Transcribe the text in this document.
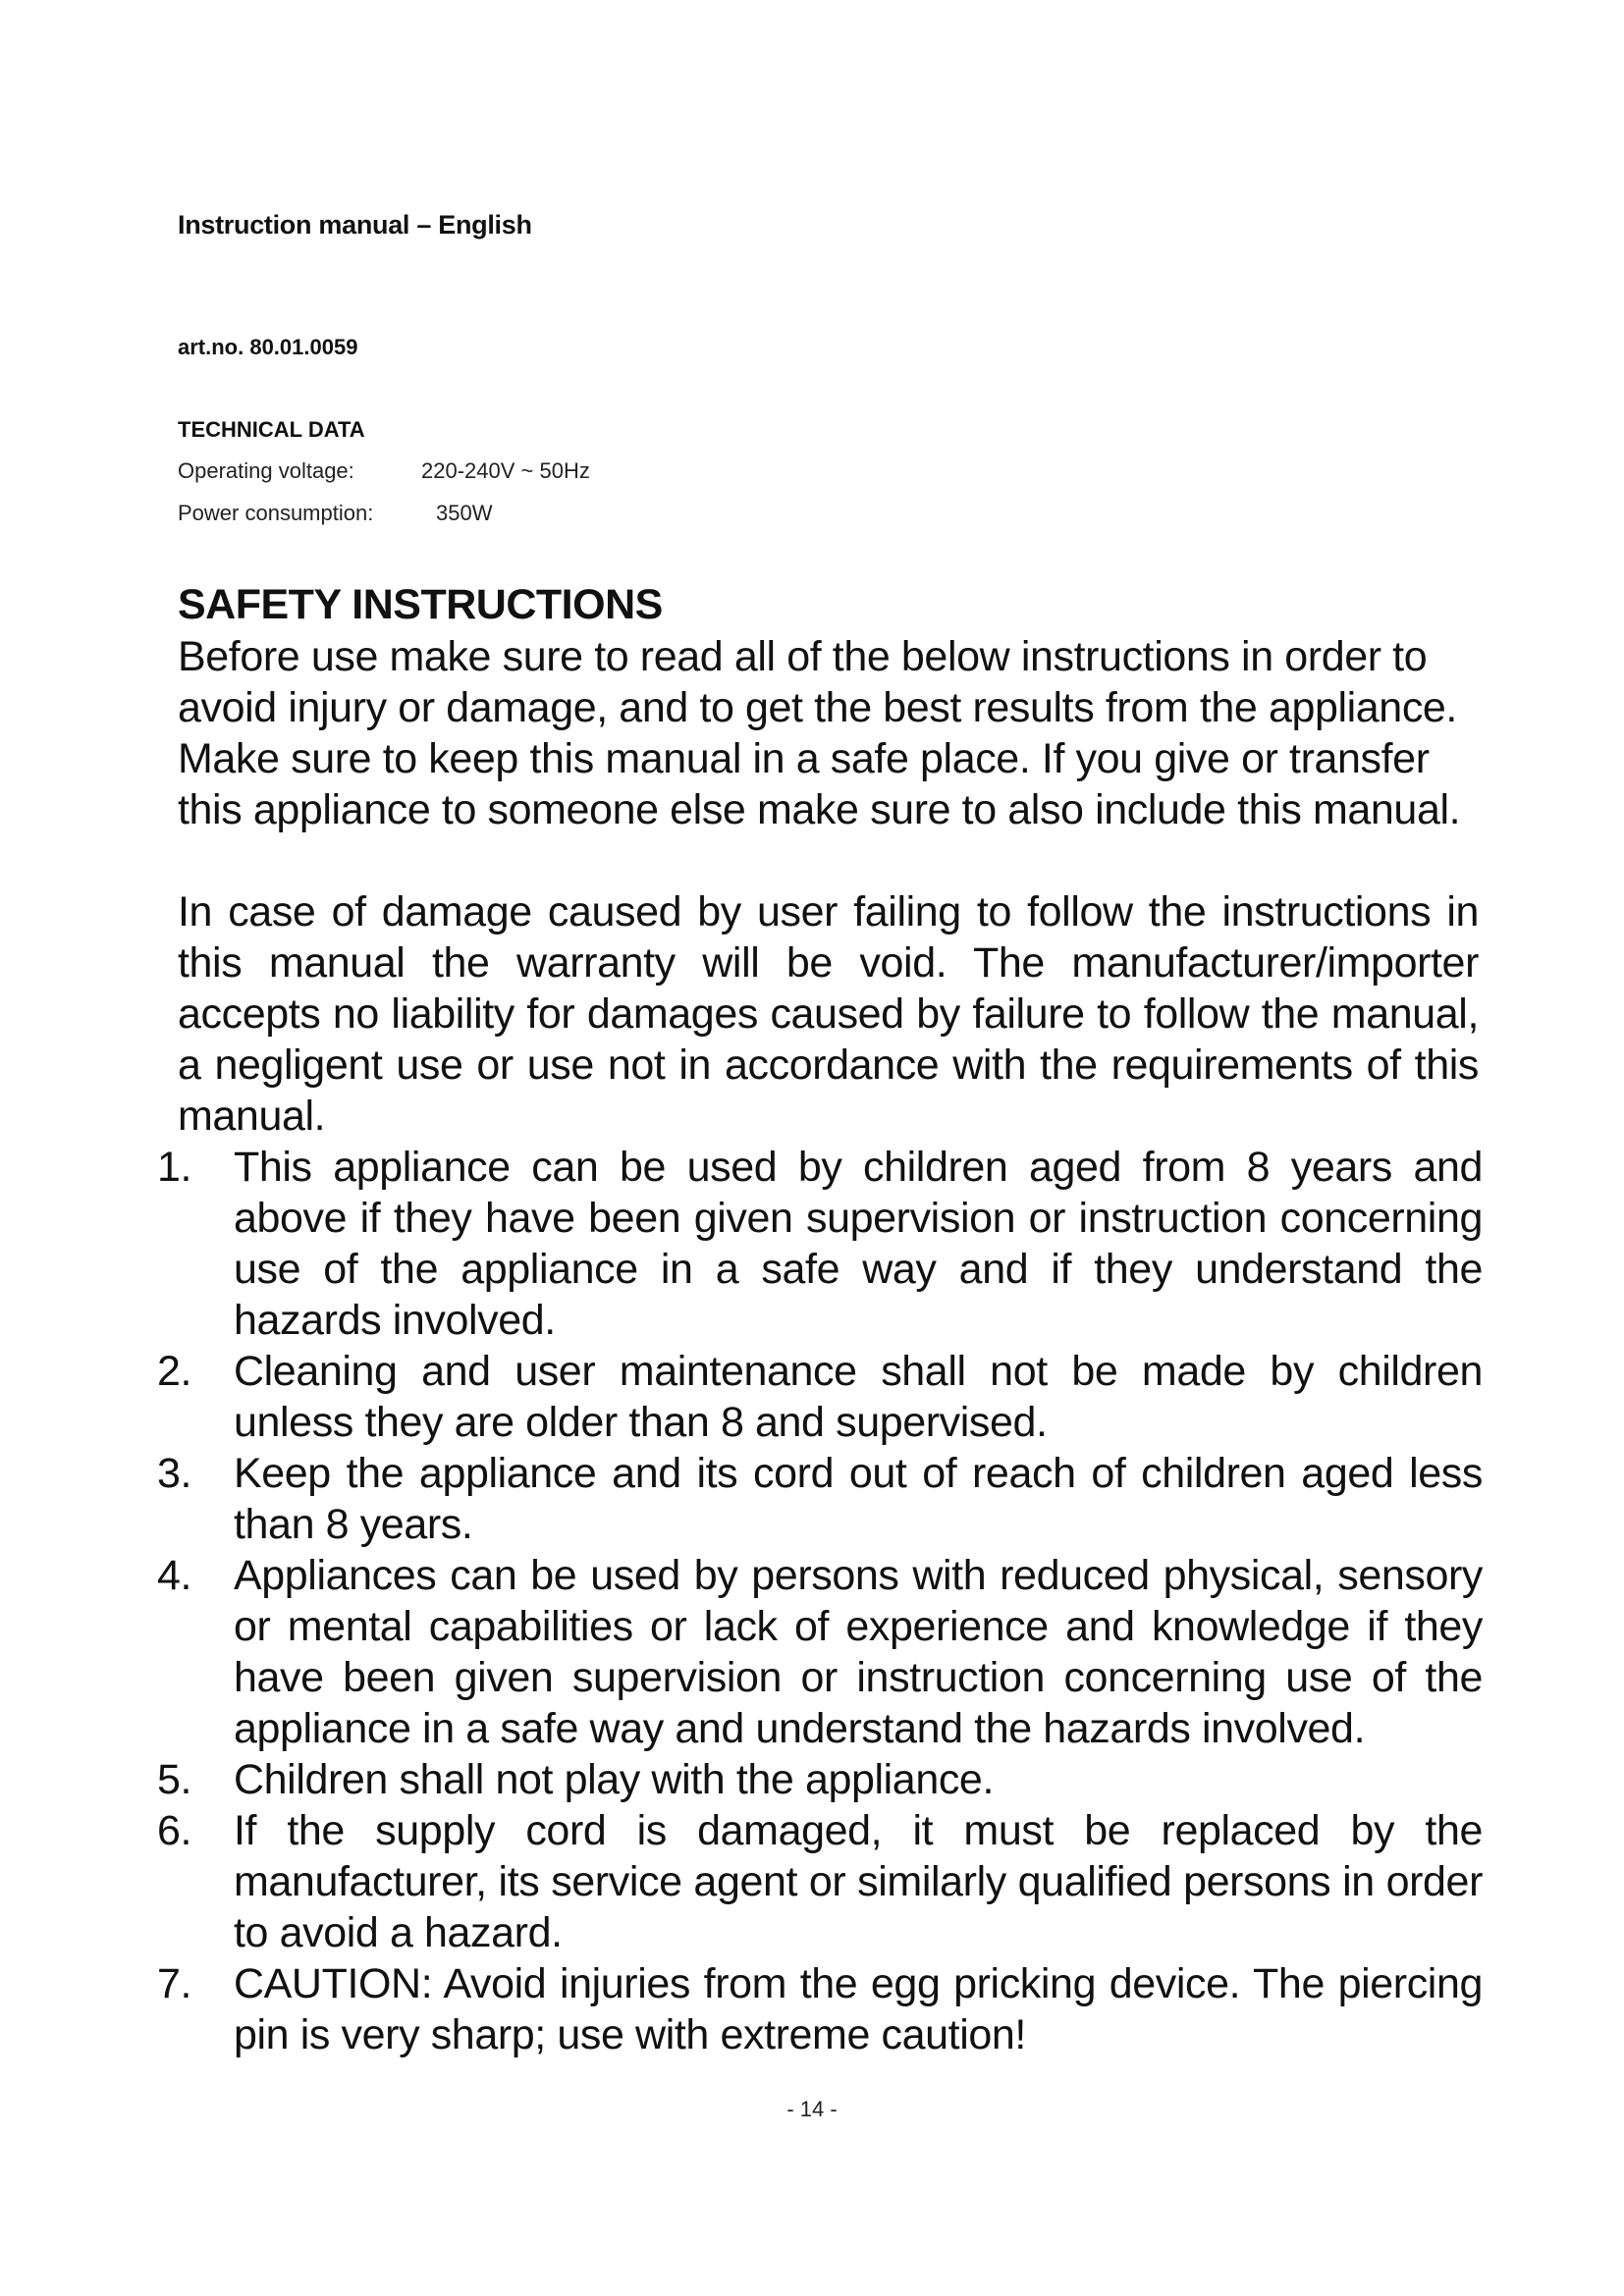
Instruction manual – English
art.no. 80.01.0059
TECHNICAL DATA
Operating voltage:	220-240V ~ 50Hz
Power consumption:	350W
SAFETY INSTRUCTIONS

Before use make sure to read all of the below instructions in order to avoid injury or damage, and to get the best results from the appliance. Make sure to keep this manual in a safe place. If you give or transfer this appliance to someone else make sure to also include this manual.

In case of damage caused by user failing to follow the instructions in this manual the warranty will be void. The manufacturer/importer accepts no liability for damages caused by failure to follow the manual, a negligent use or use not in accordance with the requirements of this manual.

1. This appliance can be used by children aged from 8 years and above if they have been given supervision or instruction concerning use of the appliance in a safe way and if they understand the hazards involved.
2. Cleaning and user maintenance shall not be made by children unless they are older than 8 and supervised.
3. Keep the appliance and its cord out of reach of children aged less than 8 years.
4. Appliances can be used by persons with reduced physical, sensory or mental capabilities or lack of experience and knowledge if they have been given supervision or instruction concerning use of the appliance in a safe way and understand the hazards involved.
5. Children shall not play with the appliance.
6. If the supply cord is damaged, it must be replaced by the manufacturer, its service agent or similarly qualified persons in order to avoid a hazard.
7. CAUTION: Avoid injuries from the egg pricking device. The piercing pin is very sharp; use with extreme caution!
- 14 -
